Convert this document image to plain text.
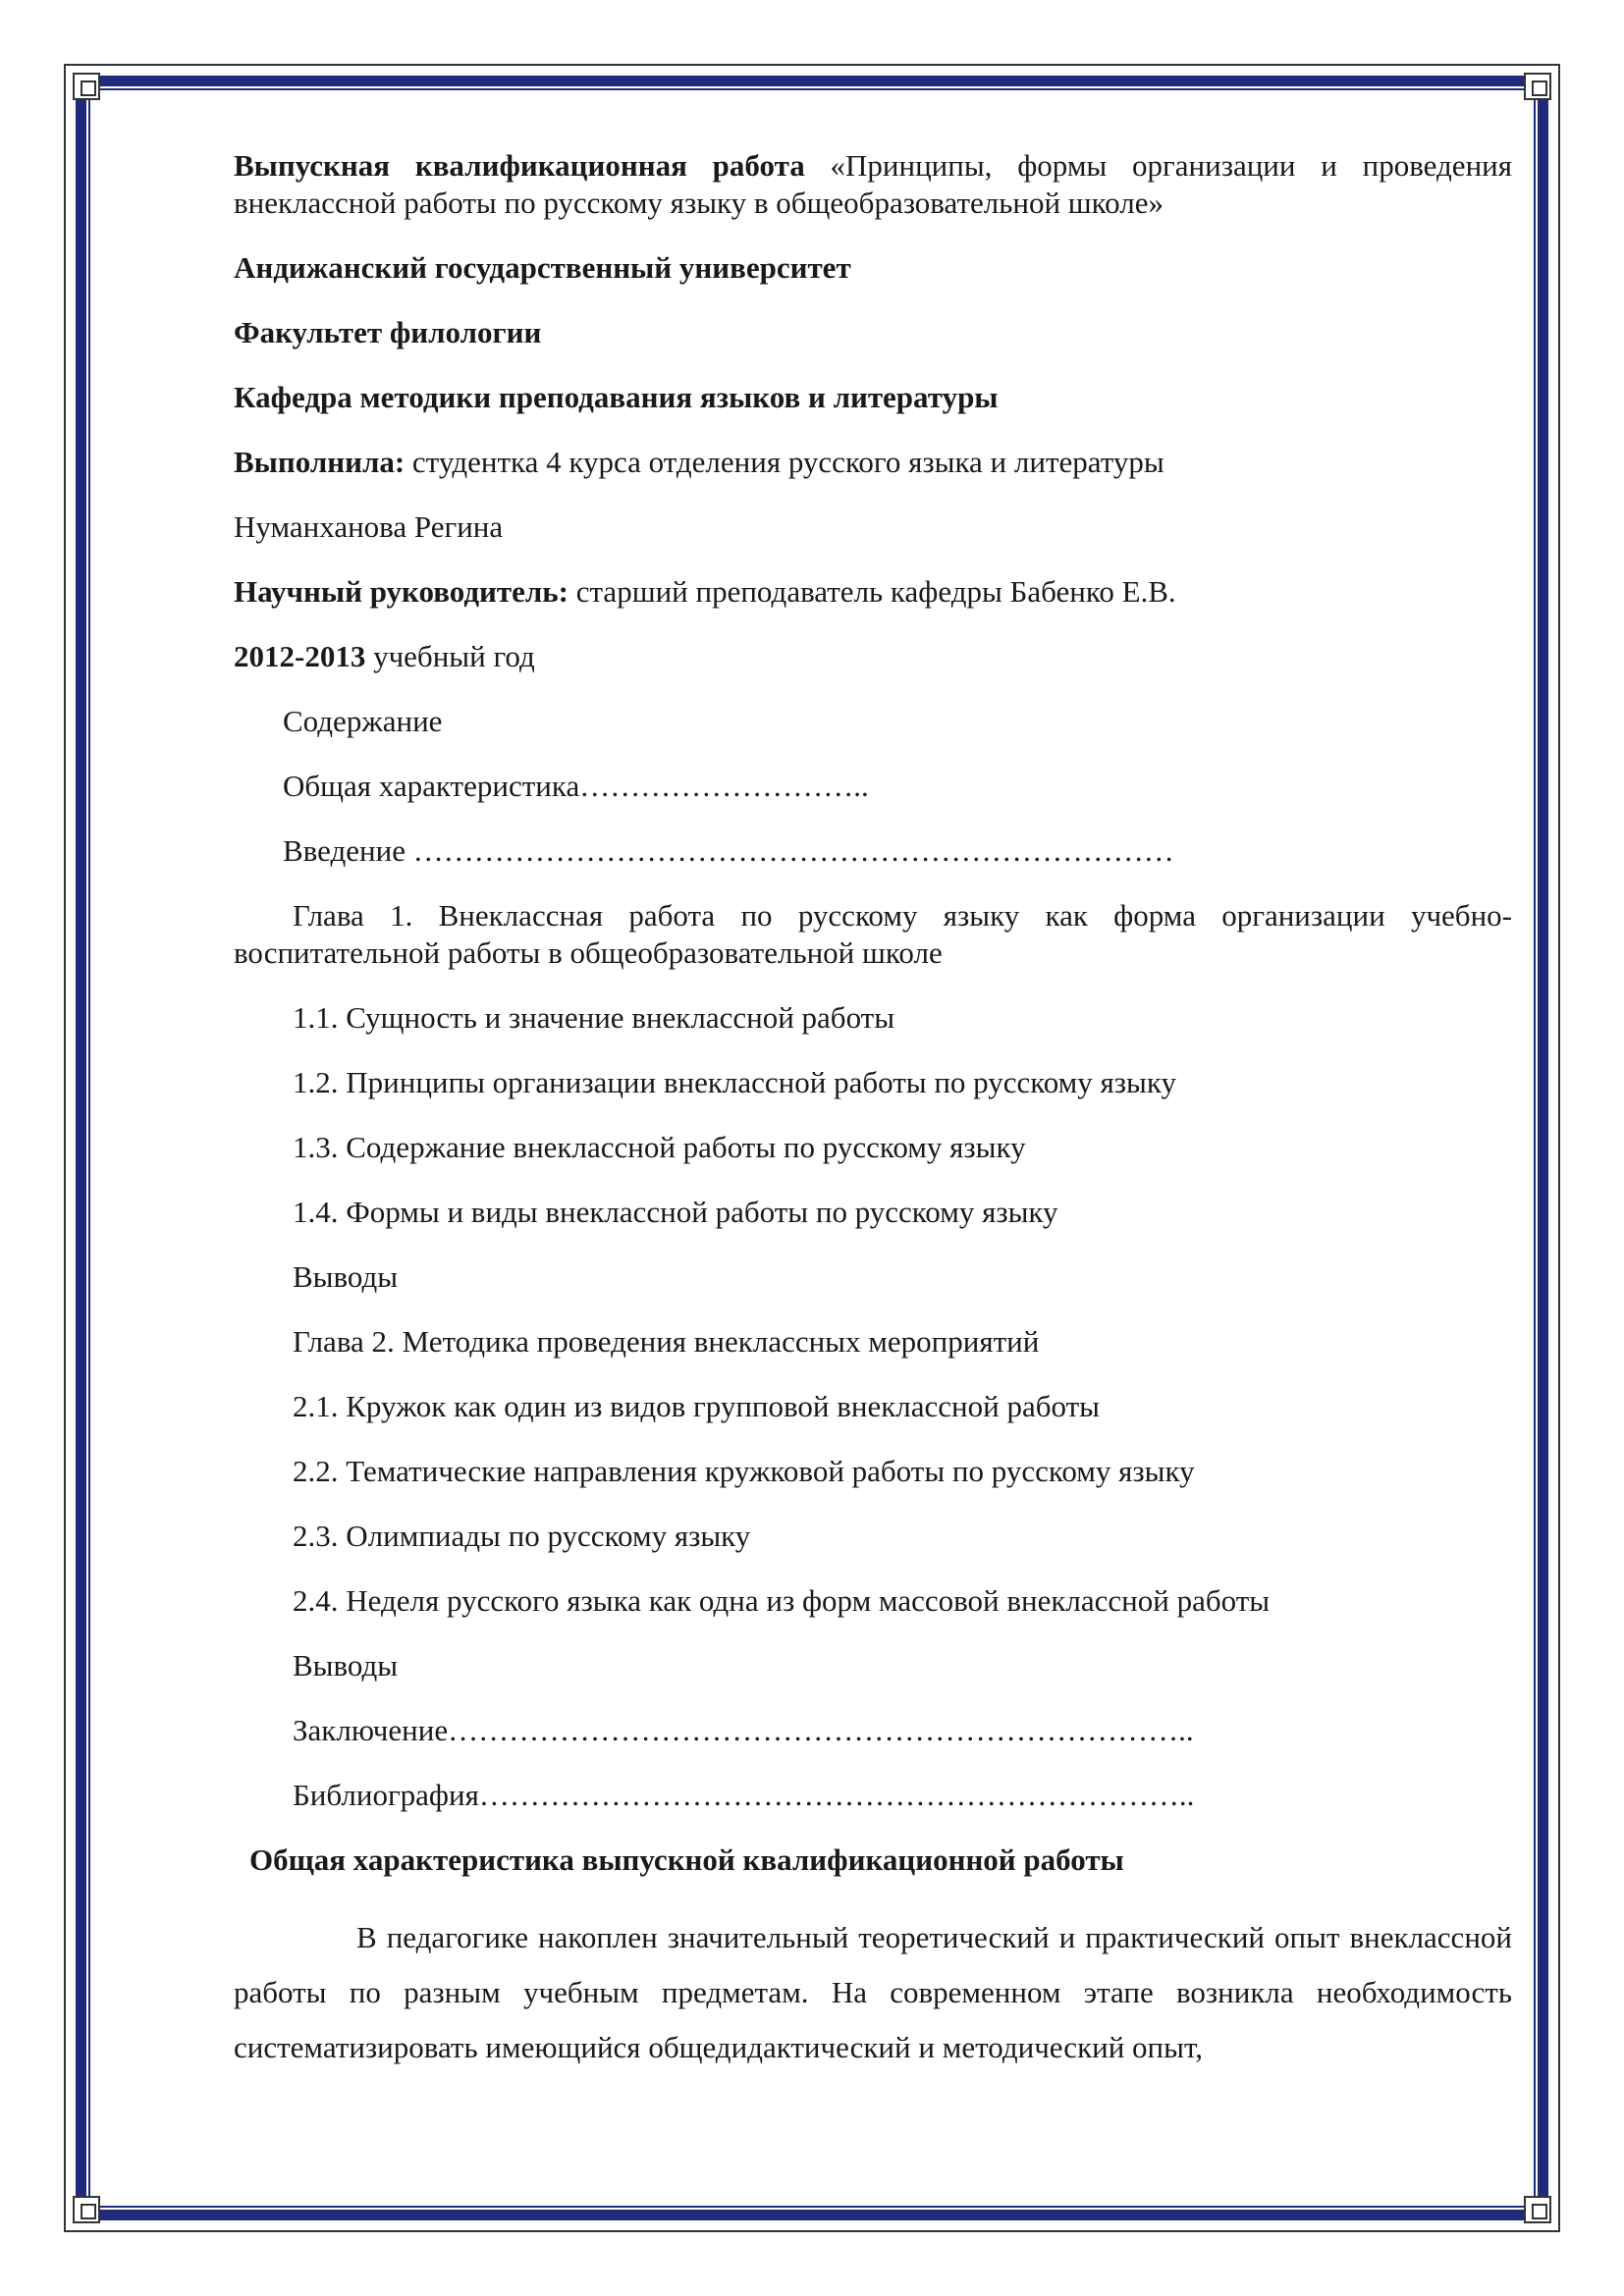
Выпускная квалификационная работа «Принципы, формы организации и проведения внеклассной работы по русскому языку в общеобразовательной школе»

Андижанский государственный университет

Факультет филологии

Кафедра методики преподавания языков и литературы

Выполнила: студентка 4 курса отделения русского языка и литературы

Нуманханова Регина

Научный руководитель: старший преподаватель кафедры Бабенко Е.В.

2012-2013 учебный год

Содержание

Общая характеристика………………………..

Введение …………………………………………………………………

Глава 1. Внеклассная работа по русскому языку как форма организации учебно-воспитательной работы в общеобразовательной школе

1.1. Сущность и значение внеклассной работы

1.2. Принципы организации внеклассной работы по русскому языку

1.3. Содержание внеклассной работы по русскому языку

1.4. Формы и виды внеклассной работы по русскому языку

Выводы

Глава 2. Методика проведения внеклассных мероприятий

2.1. Кружок как один из видов групповой внеклассной работы

2.2. Тематические направления кружковой работы по русскому языку

2.3. Олимпиады по русскому языку

2.4. Неделя русского языка как одна из форм массовой внеклассной работы

Выводы

Заключение………………………………………………………………..

Библиография……………………………………………………………..

Общая характеристика выпускной квалификационной работы

В педагогике накоплен значительный теоретический и практический опыт внеклассной работы по разным учебным предметам. На современном этапе возникла необходимость систематизировать имеющийся общедидактический и методический опыт,
